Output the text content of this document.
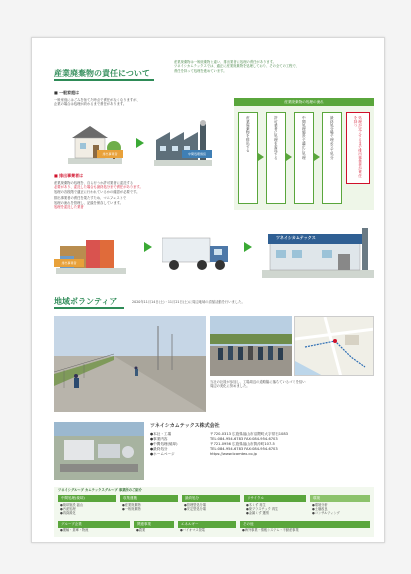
産業廃棄物の責任について
産業廃棄物は一般廃棄物と違い、排出業者に処理の責任があります。
ツネイシカムテックスでは、適正に産業廃棄物を処理しており、その全ての工程で、
責任を持って処理を進めています。
■ 一般家庭は
一般家庭にはごみを捨てた時点で責任がなくなりますが、
企業の場合は処理が終わるまで責任があります。
排出事業者	中間処理施設
■ 排出事業者は
産業廃棄物の処理を、自ら行うか許可業者に委託する
必要があり、委託した場合も最終処分まで責任があります。
処理の各段階で適正に行われているかの確認が必要です。
排出事業者の責任を果たすため、マニフェストで
処理の流れを管理し、記録を保存しています。
処理を委託した業者
産業廃棄物の処理の流れ
産業廃棄物を排出する	許可業者に処理を委託する	中間処理施設で適正に処理	最終処分場で埋め立て処分	処理が完了するまで排出事業者が責任を持つ
排出事業者
ツネイシカムテックス
地域ボランティア	2020年11月14日(土)・11月21日(土)に周辺地域の清掃活動を行いました。
当社の社員が参加し、工場周辺の道路脇に落ちているゴミを拾い
周辺の美化に努めました。
ツネイシカムテックス株式会社
●本社・工場	〒720-0313 広島県福山市沼隈町大字常石1083
●事業内容	TEL:084-954-6783 FAX:084-954-6703
●中間処理(焼却)	〒721-0956 広島県福山市箕沖町107-5
●最終処分	TEL:084-954-6783 FAX:084-954-6703
●ホームページ	https://www.tcamtex.co.jp
ツネイシグループ カムテックスグループ 事業所のご紹介
中間処理(焼却)
●焼却施設 福山
●汚泥処理
●再資源化
収集運搬
●産業廃棄物
●一般廃棄物
最終処分
●管理型処分場
●安定型処分場
リサイクル
●木くず 再生
●廃プラスチック 再生
●金属くず 選別
環境
●環境分析
●土壌改良
●コンサルティング
グループ企業
●運輸・倉庫・物流
関連事業
●農業
エネルギー
●バイオマス発電
その他
●海外事業・情報システム・不動産事業
